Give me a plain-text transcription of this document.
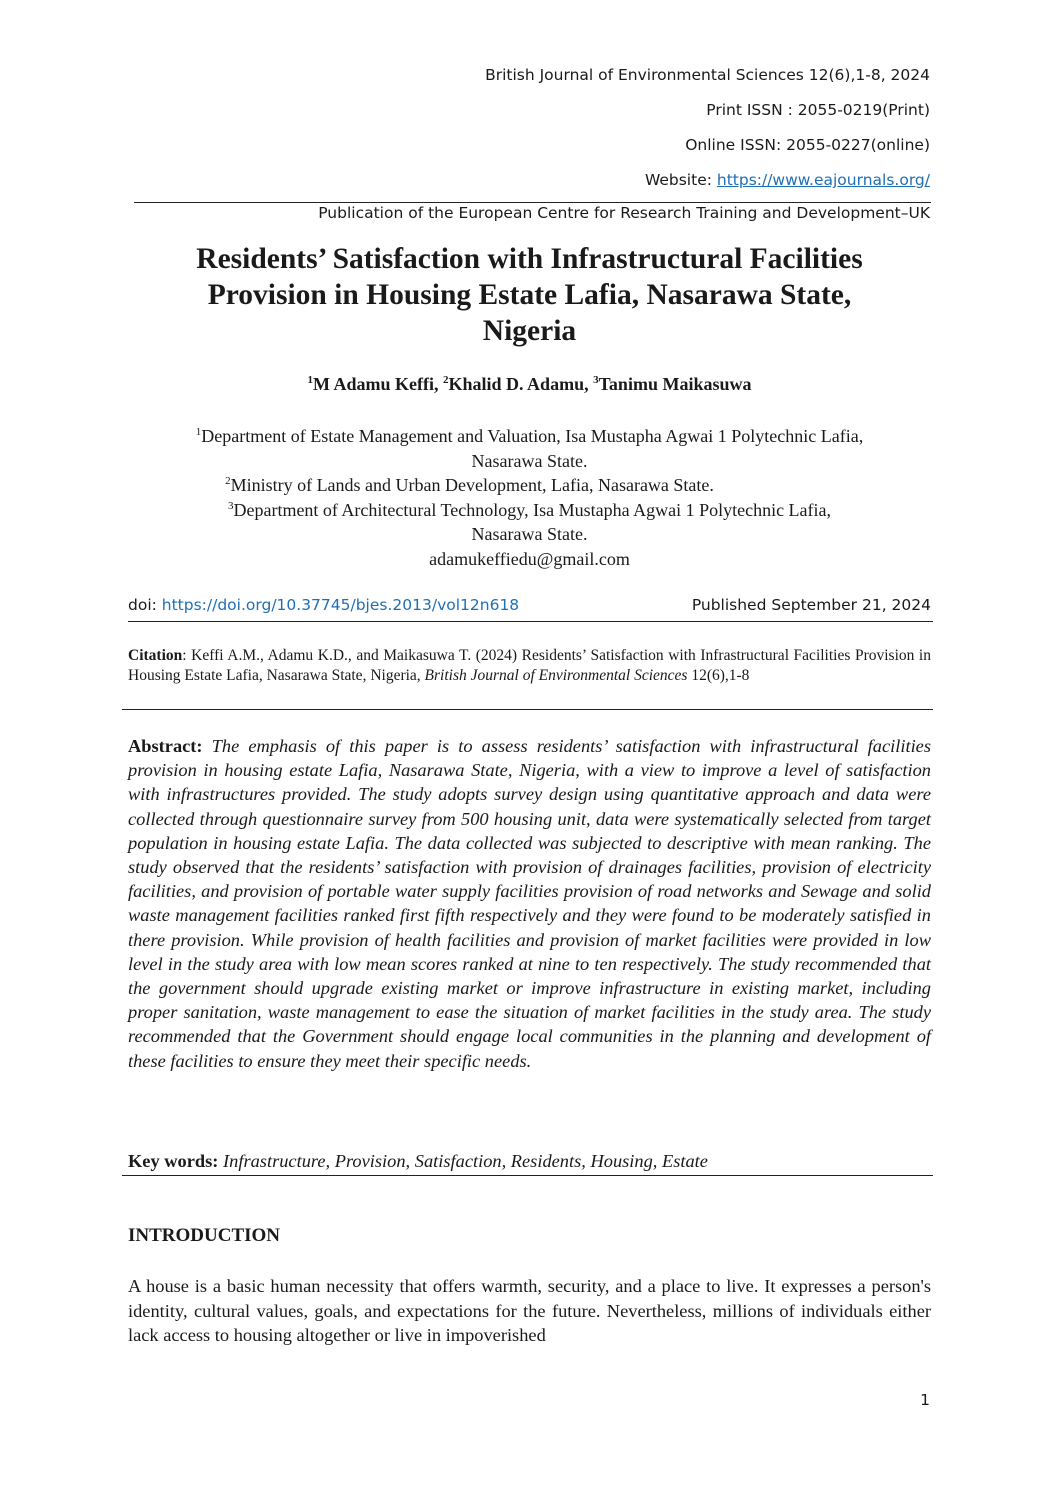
British Journal of Environmental Sciences 12(6),1-8, 2024
Print ISSN : 2055-0219(Print)
Online ISSN: 2055-0227(online)
Website: https://www.eajournals.org/
Publication of the European Centre for Research Training and Development–UK
Residents’ Satisfaction with Infrastructural Facilities
Provision in Housing Estate Lafia, Nasarawa State,
Nigeria
$^1$M Adamu Keffi, $^2$Khalid D. Adamu, $^3$Tanimu Maikasuwa
$^1$Department of Estate Management and Valuation, Isa Mustapha Agwai 1 Polytechnic Lafia,
Nasarawa State.
$^2$Ministry of Lands and Urban Development, Lafia, Nasarawa State.
$^3$Department of Architectural Technology, Isa Mustapha Agwai 1 Polytechnic Lafia,
Nasarawa State.
adamukeffiedu@gmail.com
doi: https://doi.org/10.37745/bjes.2013/vol12n618	Published September 21, 2024
Citation: Keffi A.M., Adamu K.D., and Maikasuwa T. (2024) Residents’ Satisfaction with Infrastructural Facilities Provision in Housing Estate Lafia, Nasarawa State, Nigeria, British Journal of Environmental Sciences 12(6),1-8
Abstract: The emphasis of this paper is to assess residents’ satisfaction with infrastructural facilities provision in housing estate Lafia, Nasarawa State, Nigeria, with a view to improve a level of satisfaction with infrastructures provided. The study adopts survey design using quantitative approach and data were collected through questionnaire survey from 500 housing unit, data were systematically selected from target population in housing estate Lafia. The data collected was subjected to descriptive with mean ranking. The study observed that the residents’ satisfaction with provision of drainages facilities, provision of electricity facilities, and provision of portable water supply facilities provision of road networks and Sewage and solid waste management facilities ranked first fifth respectively and they were found to be moderately satisfied in there provision. While provision of health facilities and provision of market facilities were provided in low level in the study area with low mean scores ranked at nine to ten respectively. The study recommended that the government should upgrade existing market or improve infrastructure in existing market, including proper sanitation, waste management to ease the situation of market facilities in the study area. The study recommended that the Government should engage local communities in the planning and development of these facilities to ensure they meet their specific needs.
Key words: Infrastructure, Provision, Satisfaction, Residents, Housing, Estate
INTRODUCTION
A house is a basic human necessity that offers warmth, security, and a place to live. It expresses a person's identity, cultural values, goals, and expectations for the future. Nevertheless, millions of individuals either lack access to housing altogether or live in impoverished
1
